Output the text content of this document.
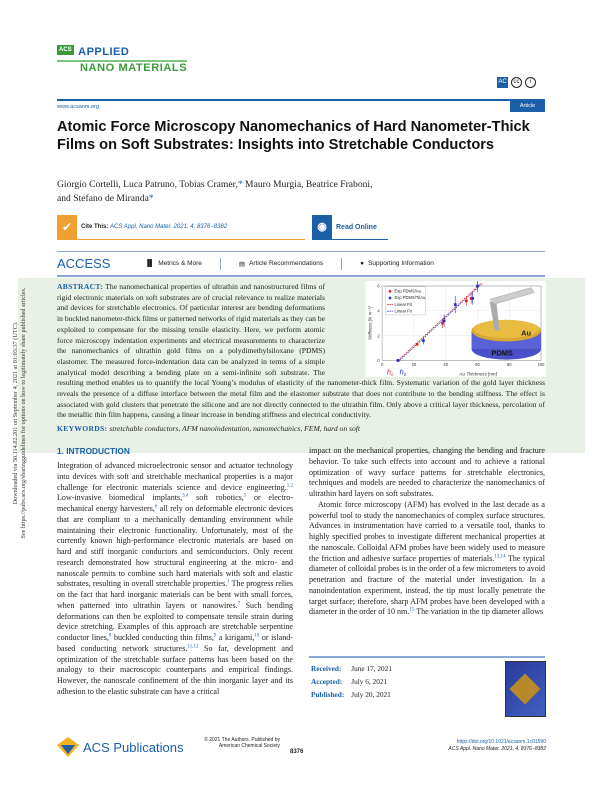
ACS APPLIED
NANO MATERIALS
AC	cc	i
www.acsanm.org	Article
Atomic Force Microscopy Nanomechanics of Hard Nanometer-Thick Films on Soft Substrates: Insights into Stretchable Conductors
Giorgio Cortelli, Luca Patruno, Tobias Cramer,* Mauro Murgia, Beatrice Fraboni,
and Stefano de Miranda*
✔	Cite This:
ACS Appl. Nano Mater. 2021, 4, 8376−8382	◉	Read Online
ACCESS	▐▌ Metrics & More	▤ Article Recommendations	● Supporting Information
Downloaded via 50.114.82.201 on September 4, 2021 at 01:03:37 (UTC).
See https://pubs.acs.org/sharingguidelines for options on how to legitimately share published articles.
ABSTRACT: The nanomechanical properties of ultrathin and nanostructured films of rigid electronic materials on soft substrates are of crucial relevance to realize materials and devices for stretchable electronics. Of particular interest are bending deformations in buckled nanometer-thick films or patterned networks of rigid materials as they can be exploited to compensate for the missing tensile elasticity. Here, we perform atomic force microscopy indentation experiments and electrical measurements to characterize the nanomechanics of ultrathin gold films on a polydimethylsiloxane (PDMS) elastomer. The measured force-indentation data can be analyzed in terms of a simple analytical model describing a bending plate on a semi-infinite soft substrate. The resulting method enables us to quantify the local Young’s modulus of elasticity of the nanometer-thick film. Systematic variation of the gold layer thickness reveals the presence of a diffuse interface between the metal film and the elastomer substrate that does not contribute to the bending stiffness. The effect is associated with gold clusters that penetrate the silicone and are not directly connected to the ultrathin film. Only above a critical layer thickness, percolation of the metallic thin film happens, causing a linear increase in bending stiffness and electrical conductivity.
KEYWORDS: stretchable conductors, AFM nanoindentation, nanomechanics, FEM, hard on soft
0	20	40	60	80	100
0
2
4
6
Au Thickness [nm]
Stiffness [N m⁻¹]	Au
PDMS
Exp PDMS/Au
Exp PDMS/Ti/Au
Linear Fit
Linear Fit
$h_n$ $h_0$
1. INTRODUCTION

Integration of advanced microelectronic sensor and actuator technology into devices with soft and stretchable mechanical properties is a major challenge for electronic materials science and device engineering.$^{1,2}$ Low-invasive biomedical implants,$^{3,4}$ soft robotics,$^5$ or electro-mechanical energy harvesters,$^6$ all rely on deformable electronic devices that are compliant to a mechanically demanding environment while maintaining their electronic functionality. Unfortunately, most of the currently known high-performance electronic materials are based on hard and stiff inorganic conductors and semiconductors. Only recent research demonstrated how structural engineering at the micro- and nanoscale permits to combine such hard materials with soft and elastic substrates, resulting in overall stretchable properties.$^1$ The progress relies on the fact that hard inorganic materials can be bent with small forces, when patterned into ultrathin layers or nanowires.$^7$ Such bending deformations can then be exploited to compensate tensile strain during device stretching. Examples of this approach are stretchable serpentine conductor lines,$^8$ buckled conducting thin films,$^9$ a kirigami,$^{10}$ or island-based conducting network structures.$^{11,12}$ So far, development and optimization of the stretchable surface patterns has been based on the analogy to their macroscopic counterparts and empirical findings. However, the nanoscale confinement of the thin inorganic layer and its adhesion to the elastic substrate can have a critical

impact on the mechanical properties, changing the bending and fracture behavior. To take such effects into account and to achieve a rational optimization of wavy surface patterns for stretchable electronics, techniques and models are needed to characterize the nanomechanics of ultrathin hard layers on soft substrates.

Atomic force microscopy (AFM) has evolved in the last decade as a powerful tool to study the nanomechanics of complex surface structures. Advances in instrumentation have carried to a versatile tool, thanks to highly specified probes to investigate different mechanical properties at the nanoscale. Colloidal AFM probes have been widely used to measure the friction and adhesive surface properties of materials.$^{13,14}$ The typical diameter of colloidal probes is in the order of a few micrometers to avoid penetration and fracture of the material under investigation. In a nanoindentation experiment, instead, the tip must locally penetrate the target surface; therefore, sharp AFM probes have been developed with a diameter in the order of 10 nm.$^{15}$ The variation in the tip diameter allows

Received:	June 17, 2021
Accepted:	July 6, 2021
Published:	July 20, 2021
ACS Publications	© 2021 The Authors. Published by
American Chemical Society
8376
https://doi.org/10.1021/acsanm.1c01590
ACS Appl. Nano Mater. 2021, 4, 8376−8382
